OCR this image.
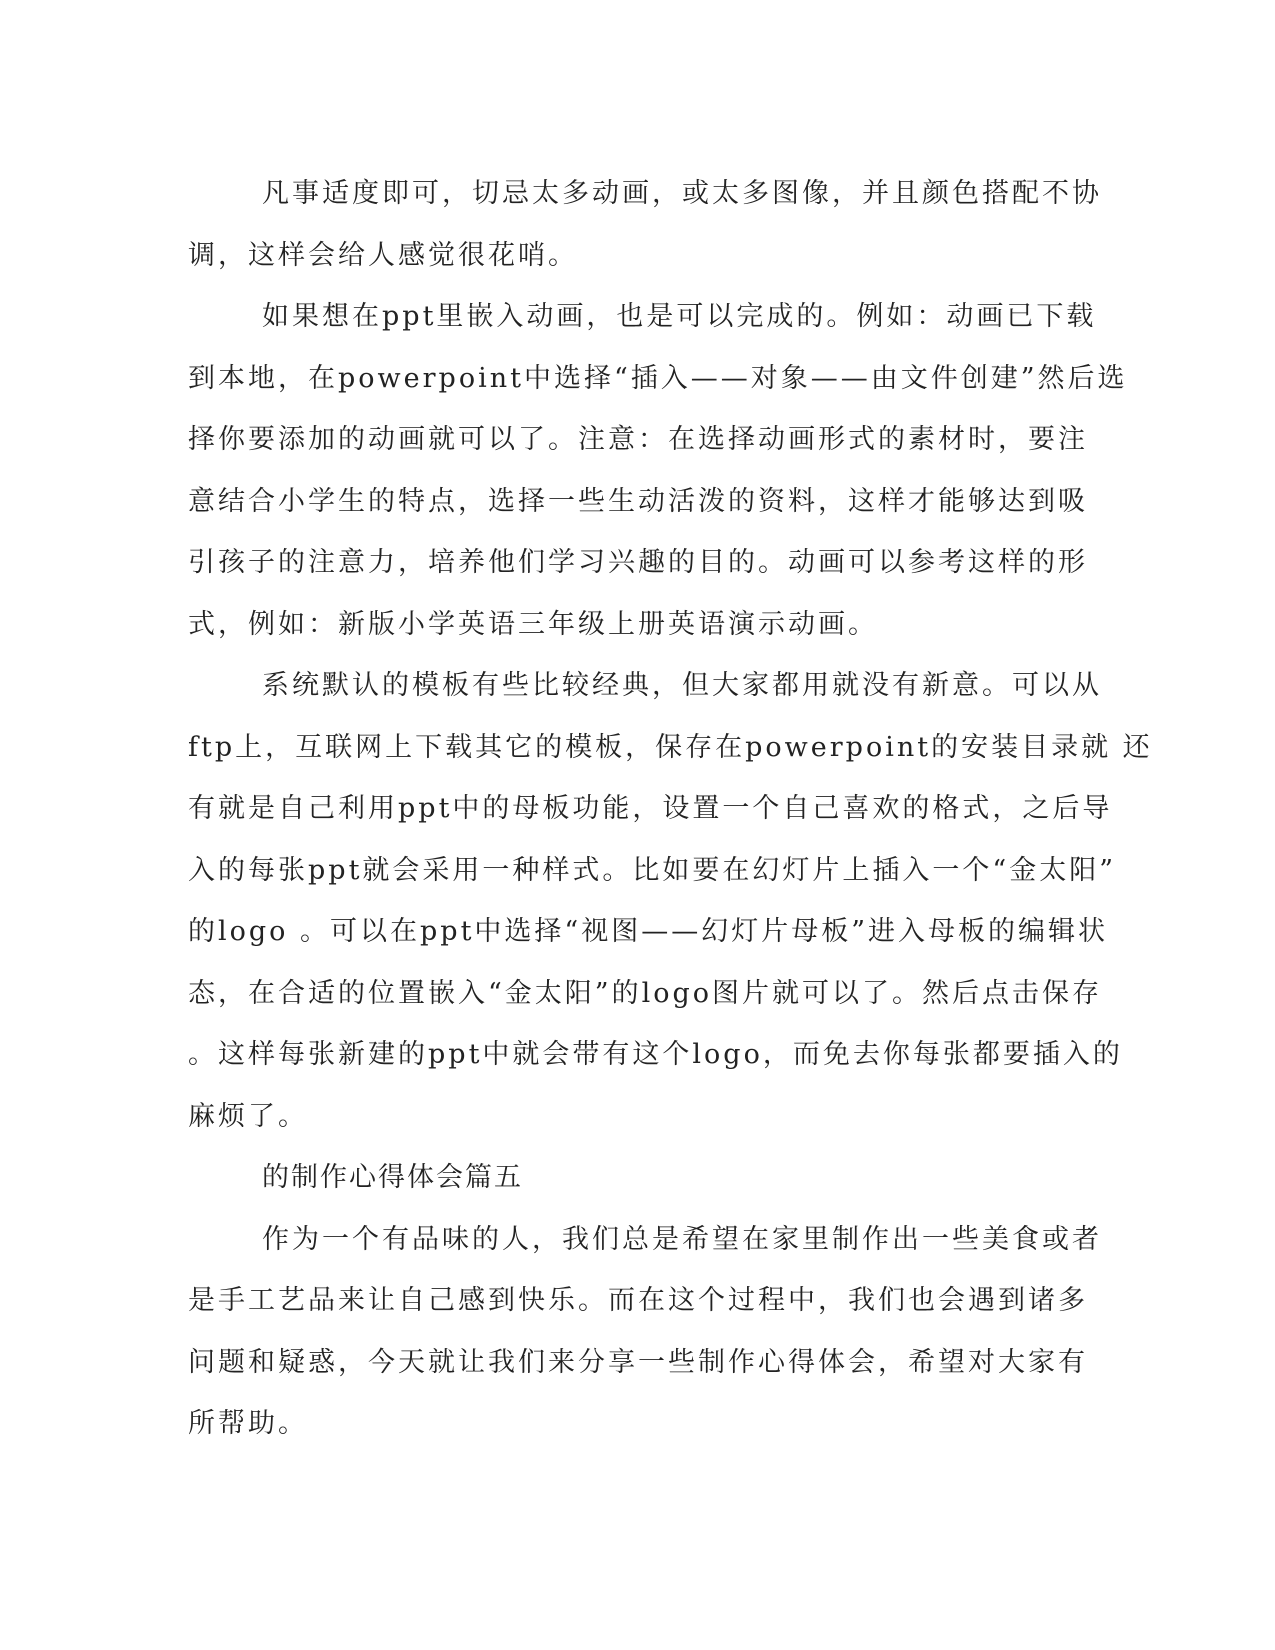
凡事适度即可，切忌太多动画，或太多图像，并且颜色搭配不协
调，这样会给人感觉很花哨。
如果想在ppt里嵌入动画，也是可以完成的。例如：动画已下载
到本地，在powerpoint中选择“插入——对象——由文件创建”然后选
择你要添加的动画就可以了。注意：在选择动画形式的素材时，要注
意结合小学生的特点，选择一些生动活泼的资料，这样才能够达到吸
引孩子的注意力，培养他们学习兴趣的目的。动画可以参考这样的形
式，例如：新版小学英语三年级上册英语演示动画。
系统默认的模板有些比较经典，但大家都用就没有新意。可以从
ftp上，互联网上下载其它的模板，保存在powerpoint的安装目录就 还
有就是自己利用ppt中的母板功能，设置一个自己喜欢的格式，之后导
入的每张ppt就会采用一种样式。比如要在幻灯片上插入一个“金太阳”
的logo 。可以在ppt中选择“视图——幻灯片母板”进入母板的编辑状
态，在合适的位置嵌入“金太阳”的logo图片就可以了。然后点击保存
。这样每张新建的ppt中就会带有这个logo，而免去你每张都要插入的
麻烦了。
的制作心得体会篇五
作为一个有品味的人，我们总是希望在家里制作出一些美食或者
是手工艺品来让自己感到快乐。而在这个过程中，我们也会遇到诸多
问题和疑惑，今天就让我们来分享一些制作心得体会，希望对大家有
所帮助。
